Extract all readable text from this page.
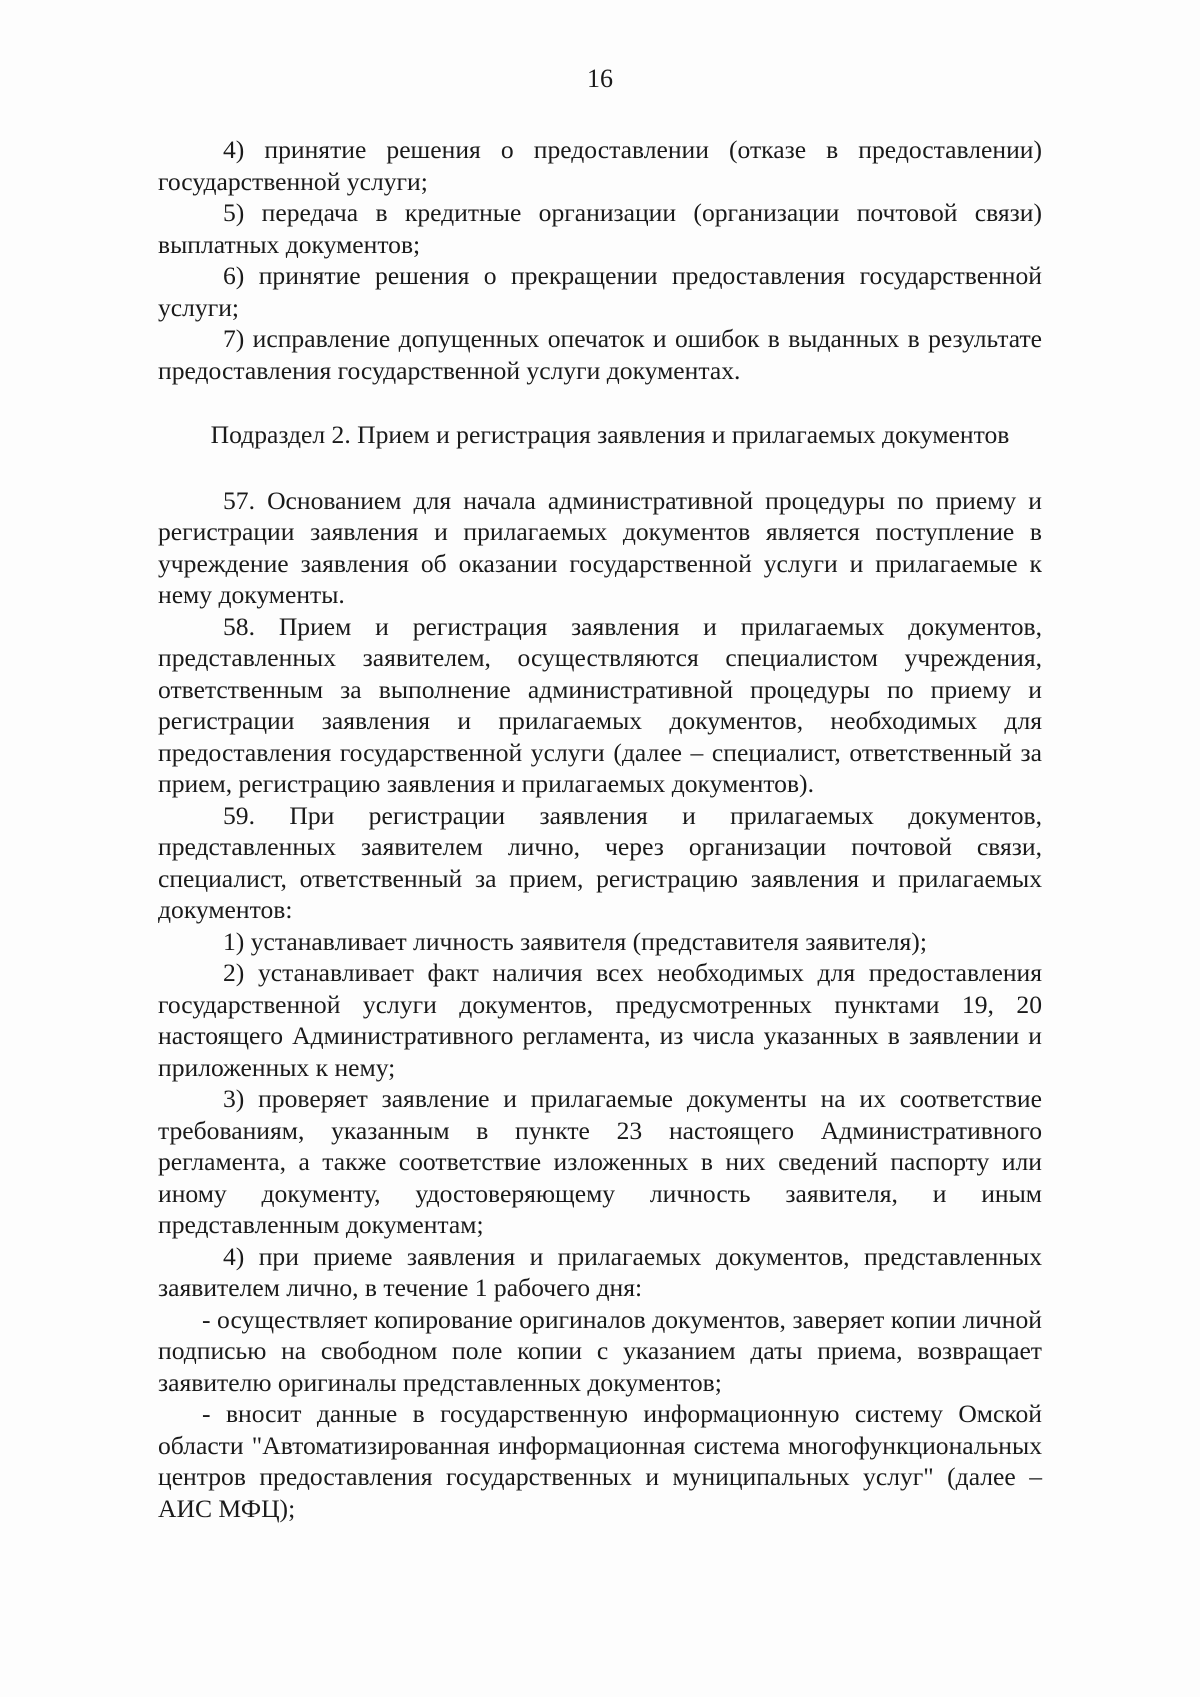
16

4) принятие решения о предоставлении (отказе в предоставлении) государственной услуги;

5) передача в кредитные организации (организации почтовой связи) выплатных документов;

6) принятие решения о прекращении предоставления государственной услуги;

7) исправление допущенных опечаток и ошибок в выданных в результате предоставления государственной услуги документах.

Подраздел 2. Прием и регистрация заявления и прилагаемых документов

57. Основанием для начала административной процедуры по приему и регистрации заявления и прилагаемых документов является поступление в учреждение заявления об оказании государственной услуги и прилагаемые к нему документы.

58. Прием и регистрация заявления и прилагаемых документов, представленных заявителем, осуществляются специалистом учреждения, ответственным за выполнение административной процедуры по приему и регистрации заявления и прилагаемых документов, необходимых для предоставления государственной услуги (далее – специалист, ответственный за прием, регистрацию заявления и прилагаемых документов).

59. При регистрации заявления и прилагаемых документов, представленных заявителем лично, через организации почтовой связи, специалист, ответственный за прием, регистрацию заявления и прилагаемых документов:

1) устанавливает личность заявителя (представителя заявителя);

2) устанавливает факт наличия всех необходимых для предоставления государственной услуги документов, предусмотренных пунктами 19, 20 настоящего Административного регламента, из числа указанных в заявлении и приложенных к нему;

3) проверяет заявление и прилагаемые документы на их соответствие требованиям, указанным в пункте 23 настоящего Административного регламента, а также соответствие изложенных в них сведений паспорту или иному документу, удостоверяющему личность заявителя, и иным представленным документам;

4) при приеме заявления и прилагаемых документов, представленных заявителем лично, в течение 1 рабочего дня:

- осуществляет копирование оригиналов документов, заверяет копии личной подписью на свободном поле копии с указанием даты приема, возвращает заявителю оригиналы представленных документов;

- вносит данные в государственную информационную систему Омской области "Автоматизированная информационная система многофункциональных центров предоставления государственных и муниципальных услуг" (далее – АИС МФЦ);
